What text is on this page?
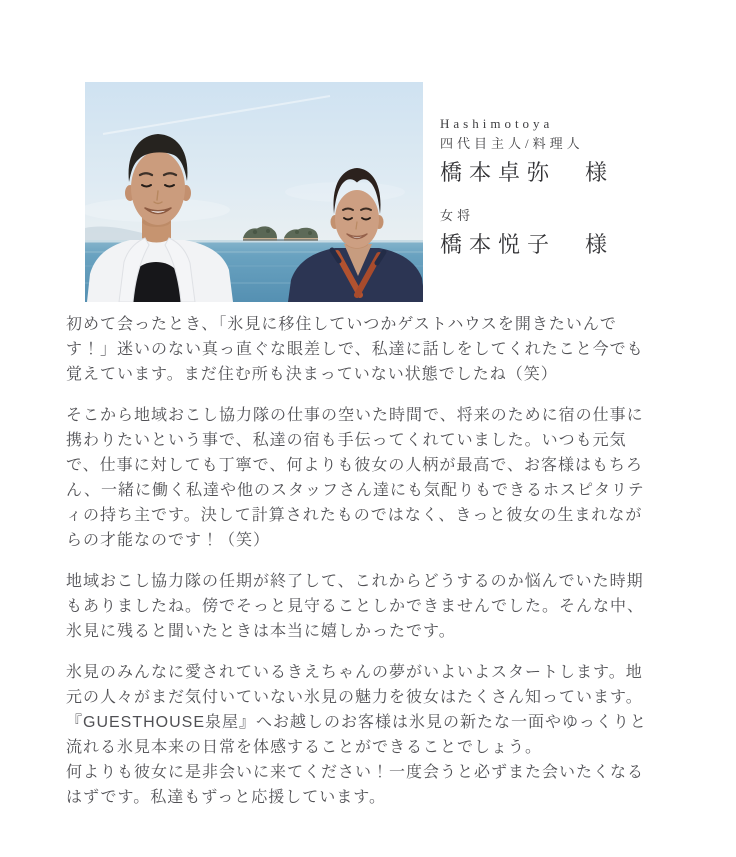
Hashimotoya
四代目主人/料理人
橋本卓弥　様
女将
橋本悦子　様

初めて会ったとき、「氷見に移住していつかゲストハウスを開きたいんです！」迷いのない真っ直ぐな眼差しで、私達に話しをしてくれたこと今でも覚えています。まだ住む所も決まっていない状態でしたね（笑）

そこから地域おこし協力隊の仕事の空いた時間で、将来のために宿の仕事に携わりたいという事で、私達の宿も手伝ってくれていました。いつも元気で、仕事に対しても丁寧で、何よりも彼女の人柄が最高で、お客様はもちろん、一緒に働く私達や他のスタッフさん達にも気配りもできるホスピタリティの持ち主です。決して計算されたものではなく、きっと彼女の生まれながらの才能なのです！（笑）

地域おこし協力隊の任期が終了して、これからどうするのか悩んでいた時期もありましたね。傍でそっと見守ることしかできませんでした。そんな中、氷見に残ると聞いたときは本当に嬉しかったです。

氷見のみんなに愛されているきえちゃんの夢がいよいよスタートします。地元の人々がまだ気付いていない氷見の魅力を彼女はたくさん知っています。
『GUESTHOUSE泉屋』へお越しのお客様は氷見の新たな一面やゆっくりと流れる氷見本来の日常を体感することができることでしょう。
何よりも彼女に是非会いに来てください！一度会うと必ずまた会いたくなるはずです。私達もずっと応援しています。
